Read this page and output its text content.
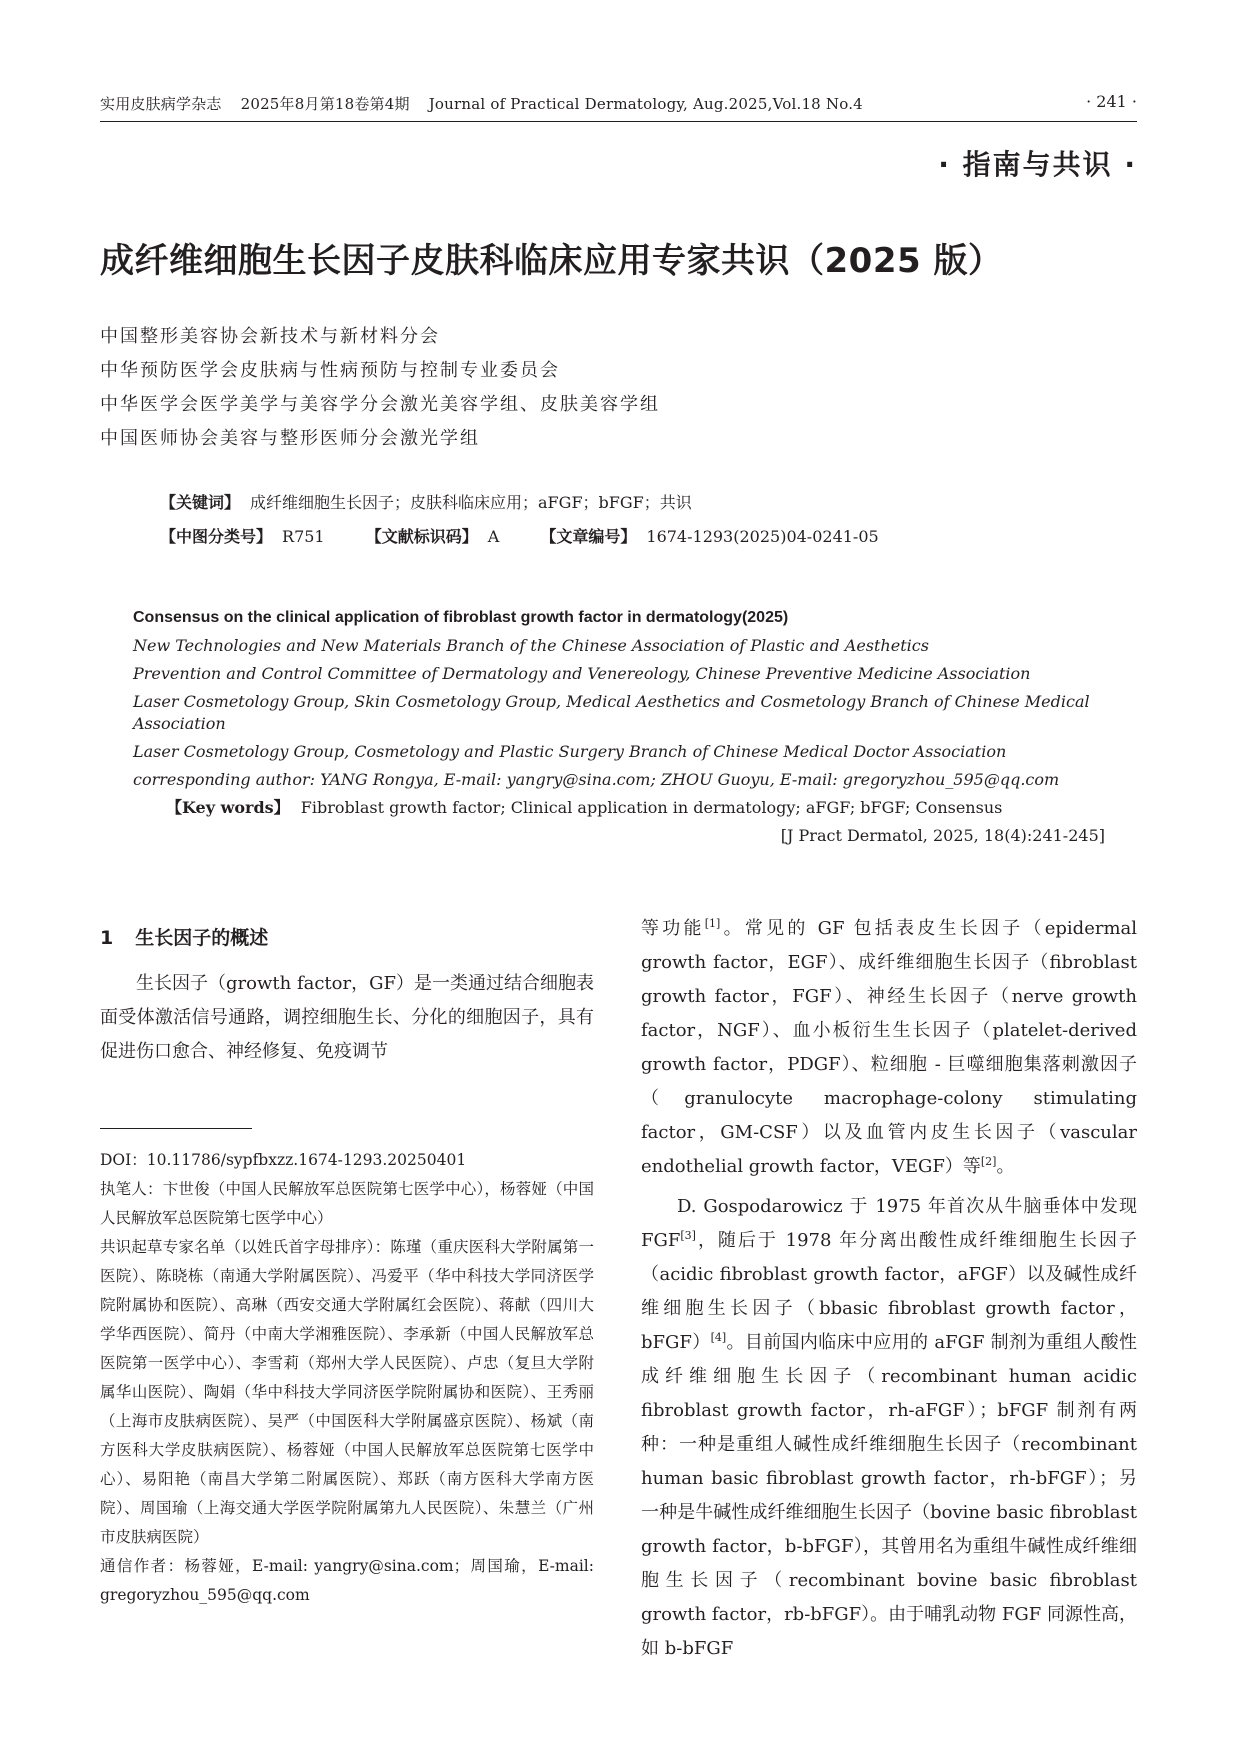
实用皮肤病学杂志 2025年8月第18卷第4期 Journal of Practical Dermatology, Aug.2025,Vol.18 No.4	· 241 ·
· 指南与共识 ·
成纤维细胞生长因子皮肤科临床应用专家共识（2025 版）
中国整形美容协会新技术与新材料分会
中华预防医学会皮肤病与性病预防与控制专业委员会
中华医学会医学美学与美容学分会激光美容学组、皮肤美容学组
中国医师协会美容与整形医师分会激光学组
【关键词】 成纤维细胞生长因子；皮肤科临床应用；aFGF；bFGF；共识
【中图分类号】 R751	【文献标识码】 A	【文章编号】 1674-1293(2025)04-0241-05
Consensus on the clinical application of fibroblast growth factor in dermatology(2025)
New Technologies and New Materials Branch of the Chinese Association of Plastic and Aesthetics
Prevention and Control Committee of Dermatology and Venereology, Chinese Preventive Medicine Association
Laser Cosmetology Group, Skin Cosmetology Group, Medical Aesthetics and Cosmetology Branch of Chinese Medical Association
Laser Cosmetology Group, Cosmetology and Plastic Surgery Branch of Chinese Medical Doctor Association
corresponding author: YANG Rongya, E-mail: yangry@sina.com; ZHOU Guoyu, E-mail: gregoryzhou_595@qq.com
【Key words】 Fibroblast growth factor; Clinical application in dermatology; aFGF; bFGF; Consensus
[J Pract Dermatol, 2025, 18(4):241-245]
1 生长因子的概述
生长因子（growth factor，GF）是一类通过结合细胞表面受体激活信号通路，调控细胞生长、分化的细胞因子，具有促进伤口愈合、神经修复、免疫调节
DOI：10.11786/sypfbxzz.1674-1293.20250401
执笔人：卞世俊（中国人民解放军总医院第七医学中心），杨蓉娅（中国人民解放军总医院第七医学中心）
共识起草专家名单（以姓氏首字母排序）：陈瑾（重庆医科大学附属第一医院）、陈晓栋（南通大学附属医院）、冯爱平（华中科技大学同济医学院附属协和医院）、高琳（西安交通大学附属红会医院）、蒋献（四川大学华西医院）、简丹（中南大学湘雅医院）、李承新（中国人民解放军总医院第一医学中心）、李雪莉（郑州大学人民医院）、卢忠（复旦大学附属华山医院）、陶娟（华中科技大学同济医学院附属协和医院）、王秀丽（上海市皮肤病医院）、吴严（中国医科大学附属盛京医院）、杨斌（南方医科大学皮肤病医院）、杨蓉娅（中国人民解放军总医院第七医学中心）、易阳艳（南昌大学第二附属医院）、郑跃（南方医科大学南方医院）、周国瑜（上海交通大学医学院附属第九人民医院）、朱慧兰（广州市皮肤病医院）
通信作者：杨蓉娅，E-mail: yangry@sina.com；周国瑜，E-mail: gregoryzhou_595@qq.com
等功能[1]。常见的 GF 包括表皮生长因子（epidermal growth factor，EGF）、成纤维细胞生长因子（fibroblast growth factor，FGF）、神经生长因子（nerve growth factor，NGF）、血小板衍生生长因子（platelet-derived growth factor，PDGF）、粒细胞 - 巨噬细胞集落刺激因子（granulocyte macrophage-colony stimulating factor，GM-CSF）以及血管内皮生长因子（vascular endothelial growth factor，VEGF）等[2]。
D. Gospodarowicz 于 1975 年首次从牛脑垂体中发现 FGF[3]，随后于 1978 年分离出酸性成纤维细胞生长因子（acidic fibroblast growth factor，aFGF）以及碱性成纤维细胞生长因子（bbasic fibroblast growth factor，bFGF）[4]。目前国内临床中应用的 aFGF 制剂为重组人酸性成纤维细胞生长因子（recombinant human acidic fibroblast growth factor，rh-aFGF）；bFGF 制剂有两种：一种是重组人碱性成纤维细胞生长因子（recombinant human basic fibroblast growth factor，rh-bFGF）；另一种是牛碱性成纤维细胞生长因子（bovine basic fibroblast growth factor，b-bFGF），其曾用名为重组牛碱性成纤维细胞生长因子（recombinant bovine basic fibroblast growth factor，rb-bFGF）。由于哺乳动物 FGF 同源性高，如 b-bFGF
